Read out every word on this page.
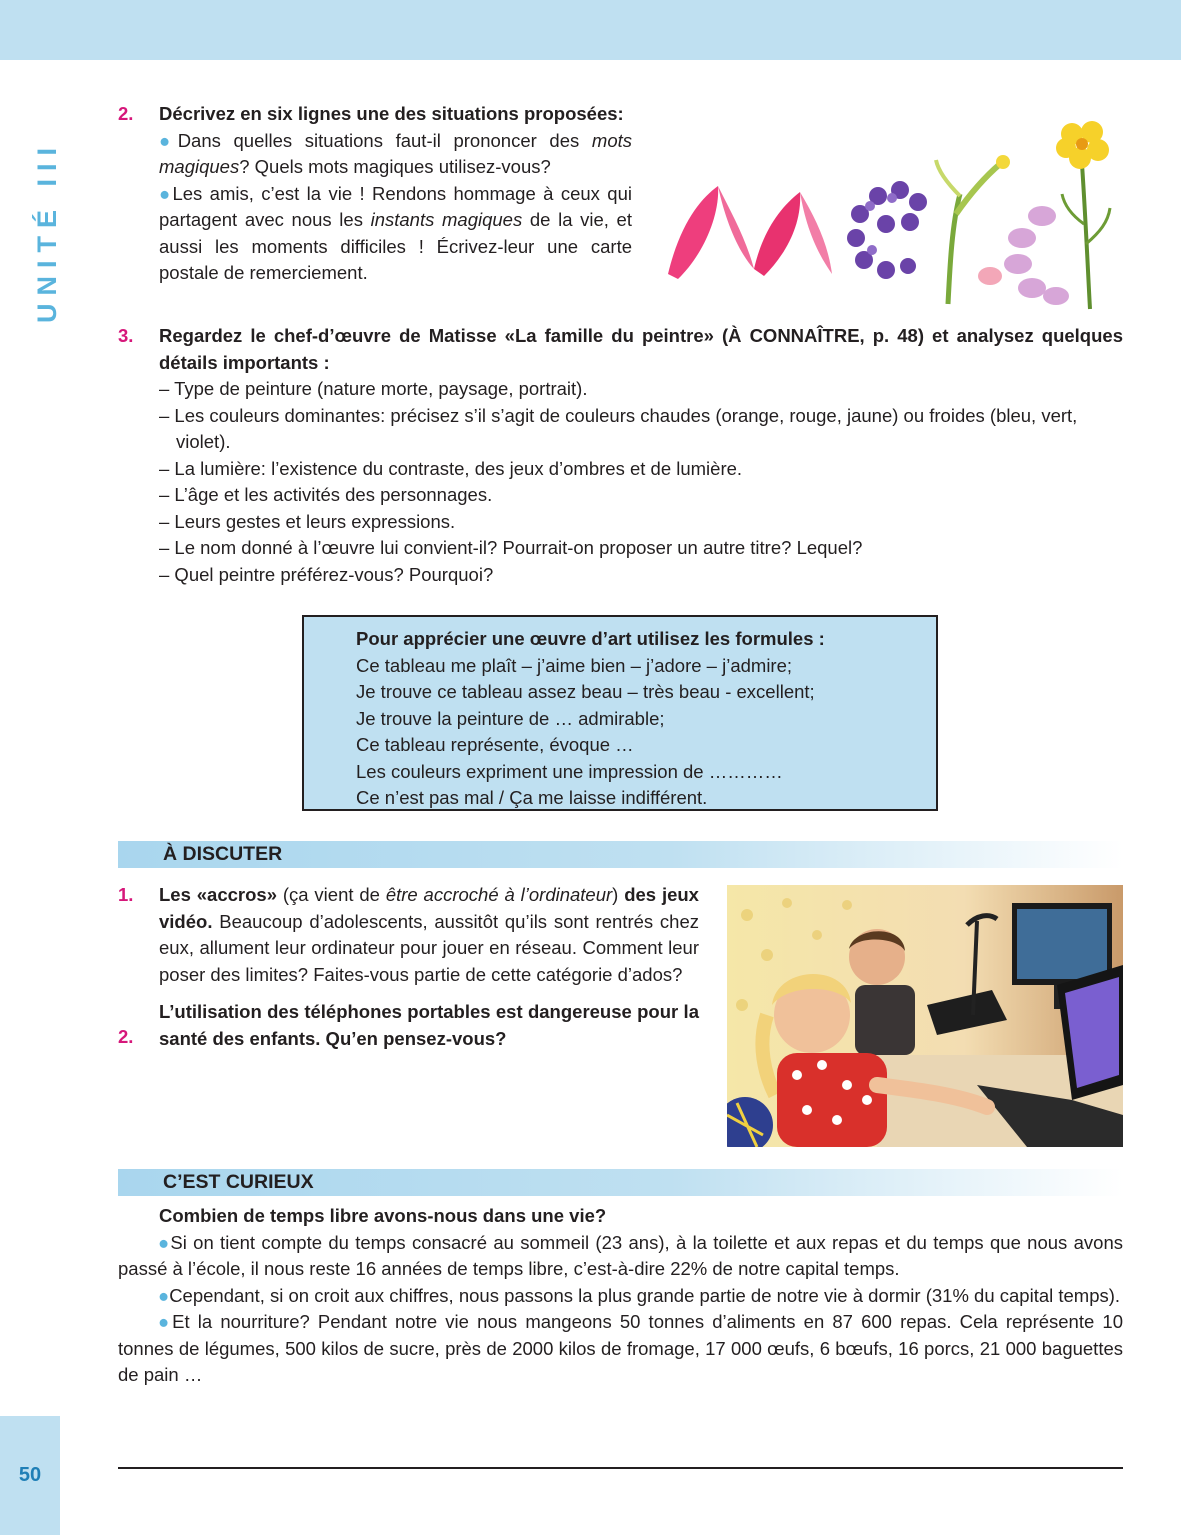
UNITÉ III
2. Décrivez en six lignes une des situations proposées:
●Dans quelles situations faut-il prononcer des mots magiques? Quels mots magiques utilisez-vous?
●Les amis, c’est la vie ! Rendons hommage à ceux qui partagent avec nous les instants magiques de la vie, et aussi les moments difficiles ! Écrivez-leur une carte postale de remerciement.
3. Regardez le chef-d’œuvre de Matisse «La famille du peintre» (À CONNAÎTRE, p. 48) et analysez quelques détails importants :
– Type de peinture (nature morte, paysage, portrait).
– Les couleurs dominantes: précisez s’il s’agit de couleurs chaudes (orange, rouge, jaune) ou froides (bleu, vert, violet).
– La lumière: l’existence du contraste, des jeux d’ombres et de lumière.
– L’âge et les activités des personnages.
– Leurs gestes et leurs expressions.
– Le nom donné à l’œuvre lui convient-il? Pourrait-on proposer un autre titre? Lequel?
– Quel peintre préférez-vous? Pourquoi?
Pour apprécier une œuvre d’art utilisez les formules :
Ce tableau me plaît – j’aime bien – j’adore – j’admire;
Je trouve ce tableau assez beau – très beau - excellent;
Je trouve la peinture de … admirable;
Ce tableau représente, évoque …
Les couleurs expriment une impression de …………
Ce n’est pas mal / Ça me laisse indifférent.
À DISCUTER
1. Les «accros» (ça vient de être accroché à l’ordinateur) des jeux vidéo. Beaucoup d’adolescents, aussitôt qu’ils sont rentrés chez eux, allument leur ordinateur pour jouer en réseau. Comment leur poser des limites? Faites-vous partie de cette catégorie d’ados?
L’utilisation des téléphones portables est dangereuse pour la santé des enfants. Qu’en pensez-vous?
2.
C’EST CURIEUX
Combien de temps libre avons-nous dans une vie?
●Si on tient compte du temps consacré au sommeil (23 ans), à la toilette et aux repas et du temps que nous avons passé à l’école, il nous reste 16 années de temps libre, c’est-à-dire 22% de notre capital temps.
●Cependant, si on croit aux chiffres, nous passons la plus grande partie de notre vie à dormir (31% du capital temps).
●Et la nourriture? Pendant notre vie nous mangeons 50 tonnes d’aliments en 87 600 repas. Cela représente 10 tonnes de légumes, 500 kilos de sucre, près de 2000 kilos de fromage, 17 000 œufs, 6 bœufs, 16 porcs, 21 000 baguettes de pain …
50
